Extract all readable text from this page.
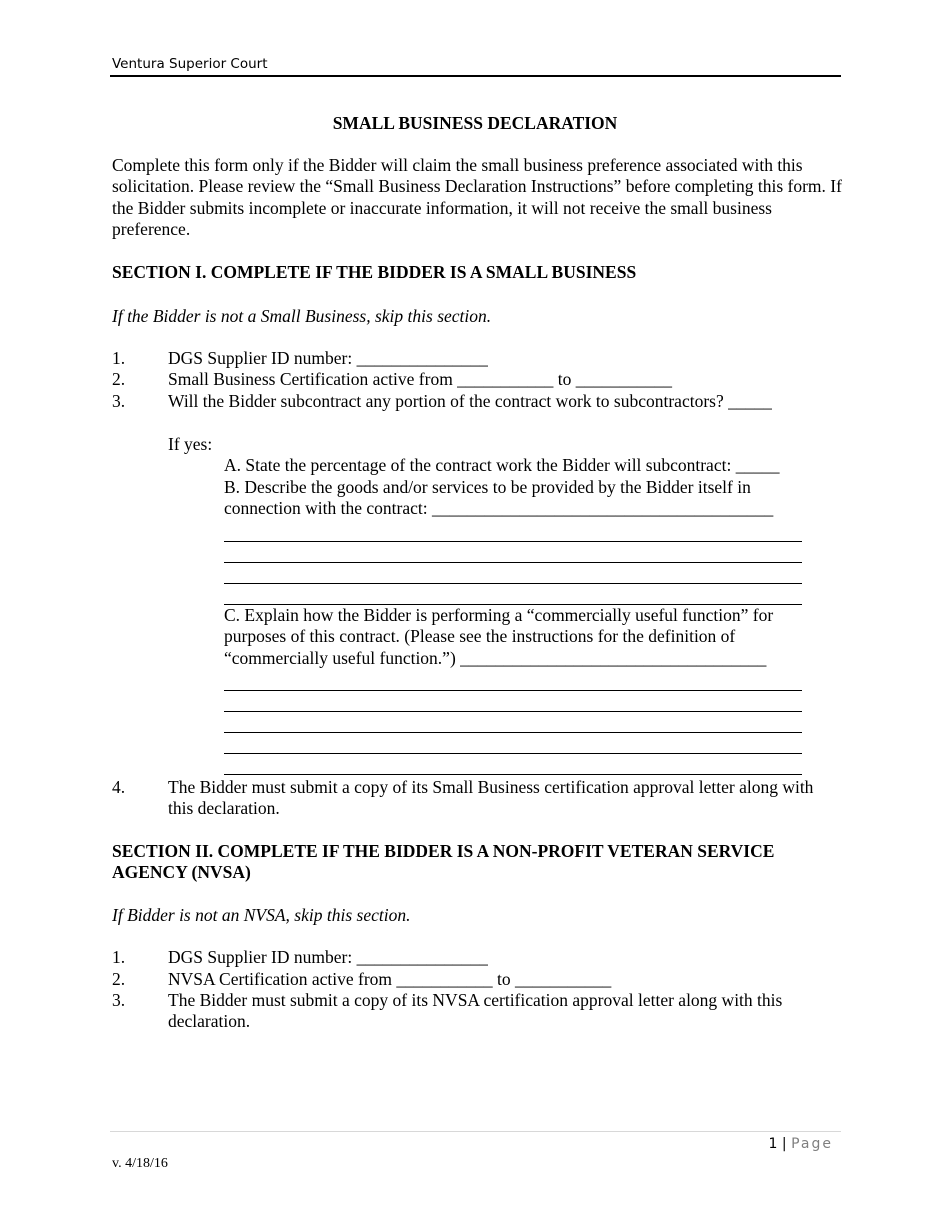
Ventura Superior Court
SMALL BUSINESS DECLARATION
Complete this form only if the Bidder will claim the small business preference associated with this solicitation. Please review the “Small Business Declaration Instructions” before completing this form. If the Bidder submits incomplete or inaccurate information, it will not receive the small business preference.
SECTION I. COMPLETE IF THE BIDDER IS A SMALL BUSINESS
If the Bidder is not a Small Business, skip this section.
1. DGS Supplier ID number: _______________
2. Small Business Certification active from ___________ to ___________
3. Will the Bidder subcontract any portion of the contract work to subcontractors? _____
If yes:
A. State the percentage of the contract work the Bidder will subcontract: _____
B. Describe the goods and/or services to be provided by the Bidder itself in connection with the contract: _______________________________________
C. Explain how the Bidder is performing a “commercially useful function” for purposes of this contract. (Please see the instructions for the definition of “commercially useful function.”) ___________________________________
4. The Bidder must submit a copy of its Small Business certification approval letter along with this declaration.
SECTION II. COMPLETE IF THE BIDDER IS A NON-PROFIT VETERAN SERVICE AGENCY (NVSA)
If Bidder is not an NVSA, skip this section.
1. DGS Supplier ID number: _______________
2. NVSA Certification active from ___________ to ___________
3. The Bidder must submit a copy of its NVSA certification approval letter along with this declaration.
1 | Page
v. 4/18/16
